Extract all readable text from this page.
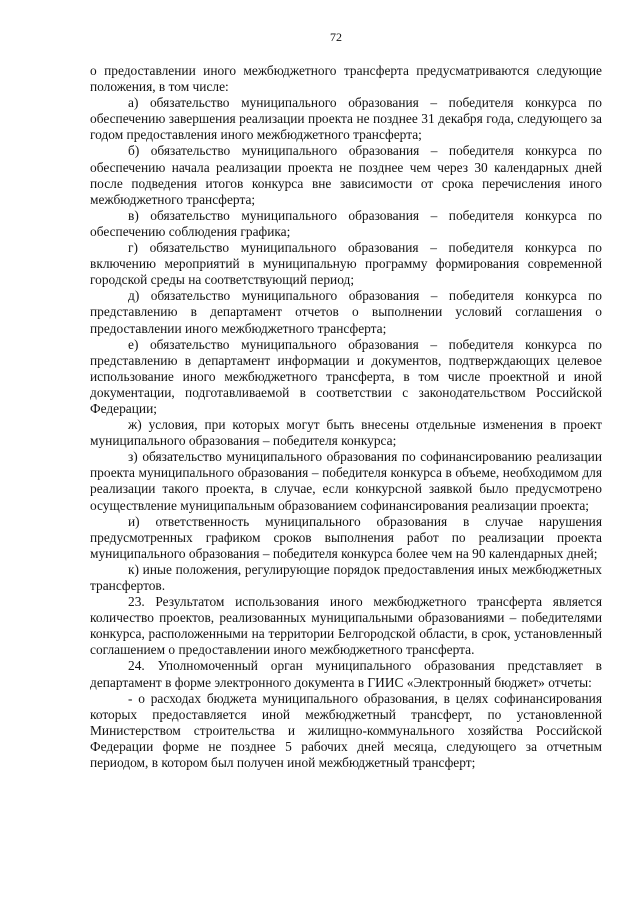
72

о предоставлении иного межбюджетного трансферта предусматриваются следующие положения, в том числе:

а) обязательство муниципального образования – победителя конкурса по обеспечению завершения реализации проекта не позднее 31 декабря года, следующего за годом предоставления иного межбюджетного трансферта;

б) обязательство муниципального образования – победителя конкурса по обеспечению начала реализации проекта не позднее чем через 30 календарных дней после подведения итогов конкурса вне зависимости от срока перечисления иного межбюджетного трансферта;

в) обязательство муниципального образования – победителя конкурса по обеспечению соблюдения графика;

г) обязательство муниципального образования – победителя конкурса по включению мероприятий в муниципальную программу формирования современной городской среды на соответствующий период;

д) обязательство муниципального образования – победителя конкурса по представлению в департамент отчетов о выполнении условий соглашения о предоставлении иного межбюджетного трансферта;

е) обязательство муниципального образования – победителя конкурса по представлению в департамент информации и документов, подтверждающих целевое использование иного межбюджетного трансферта, в том числе проектной и иной документации, подготавливаемой в соответствии с законодательством Российской Федерации;

ж) условия, при которых могут быть внесены отдельные изменения в проект муниципального образования – победителя конкурса;

з) обязательство муниципального образования по софинансированию реализации проекта муниципального образования – победителя конкурса в объеме, необходимом для реализации такого проекта, в случае, если конкурсной заявкой было предусмотрено осуществление муниципальным образованием софинансирования реализации проекта;

и) ответственность муниципального образования в случае нарушения предусмотренных графиком сроков выполнения работ по реализации проекта муниципального образования – победителя конкурса более чем на 90 календарных дней;

к) иные положения, регулирующие порядок предоставления иных межбюджетных трансфертов.

23. Результатом использования иного межбюджетного трансферта является количество проектов, реализованных муниципальными образованиями – победителями конкурса, расположенными на территории Белгородской области, в срок, установленный соглашением о предоставлении иного межбюджетного трансферта.

24. Уполномоченный орган муниципального образования представляет в департамент в форме электронного документа в ГИИС «Электронный бюджет» отчеты:

- о расходах бюджета муниципального образования, в целях софинансирования которых предоставляется иной межбюджетный трансферт, по установленной Министерством строительства и жилищно-коммунального хозяйства Российской Федерации форме не позднее 5 рабочих дней месяца, следующего за отчетным периодом, в котором был получен иной межбюджетный трансферт;
